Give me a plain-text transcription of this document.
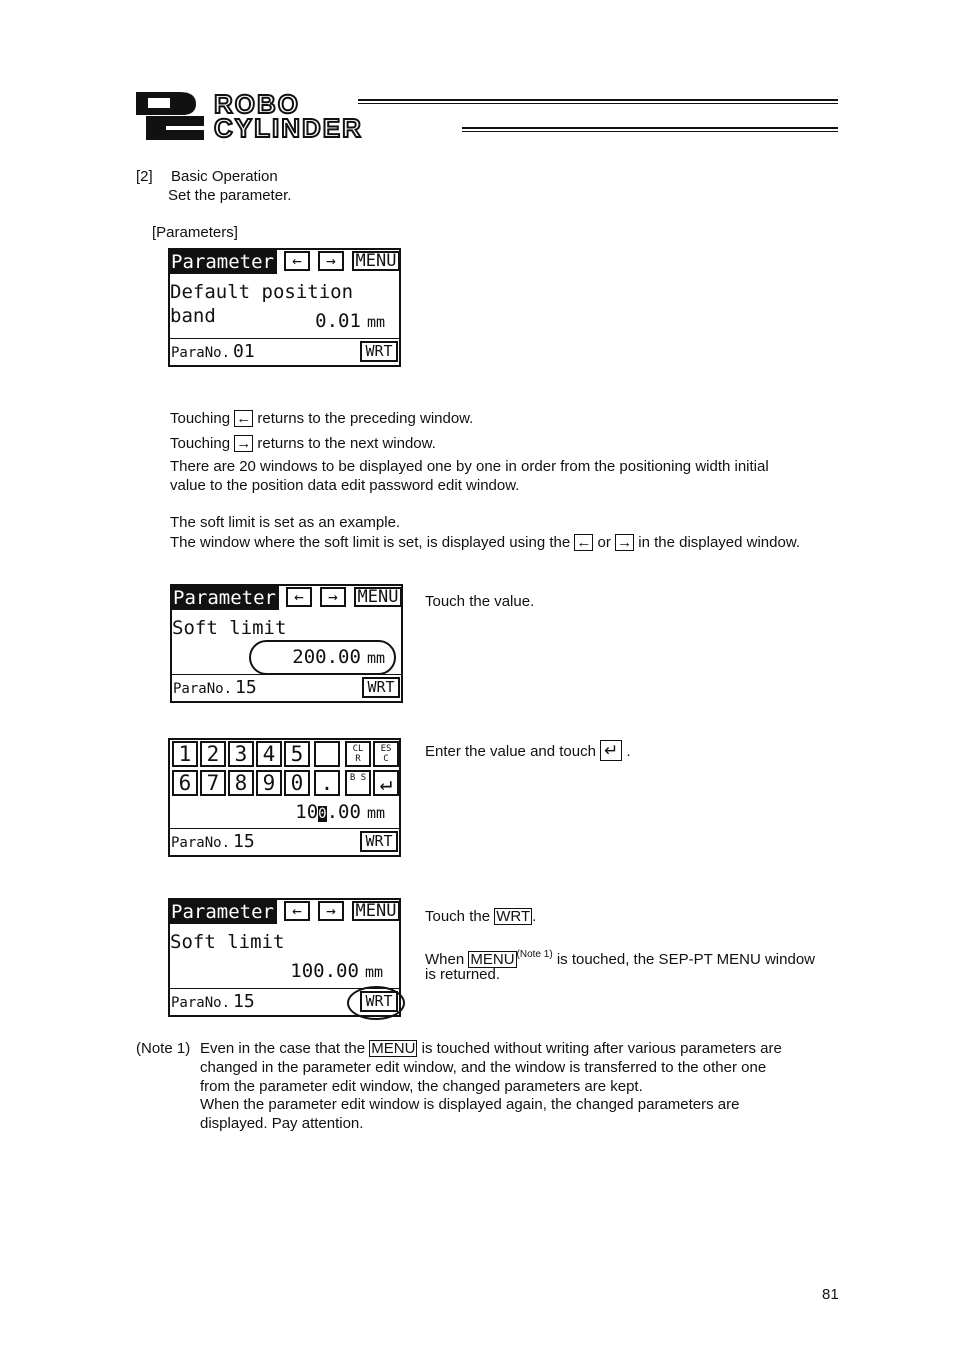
ROBO
CYLINDER
[2] Basic Operation
Set the parameter.
[Parameters]
Parameter	←	→	MENU
Default position band	0.01 mm
ParaNo. 01	WRT
Touching ← returns to the preceding window.
Touching → returns to the next window.
There are 20 windows to be displayed one by one in order from the positioning width initial
value to the position data edit password edit window.
The soft limit is set as an example.
The window where the soft limit is set, is displayed using the ← or → in the displayed window.
Parameter	←	→	MENU
Soft limit
200.00 mm
ParaNo. 15	WRT
Touch the value.
1 2 3 4 5	CL R
ES C
6 7 8 9 0 .	B S ↵
100.00 mm
ParaNo. 15	WRT
Enter the value and touch ↵ .
Parameter	←	→	MENU
Soft limit
100.00 mm
ParaNo. 15	WRT
Touch the WRT .
When MENU $^{(Note 1)}$ is touched, the SEP-PT MENU window
is returned.
(Note 1) Even in the case that the MENU is touched without writing after various parameters are
changed in the parameter edit window, and the window is transferred to the other one
from the parameter edit window, the changed parameters are kept.
When the parameter edit window is displayed again, the changed parameters are
displayed. Pay attention.
81
